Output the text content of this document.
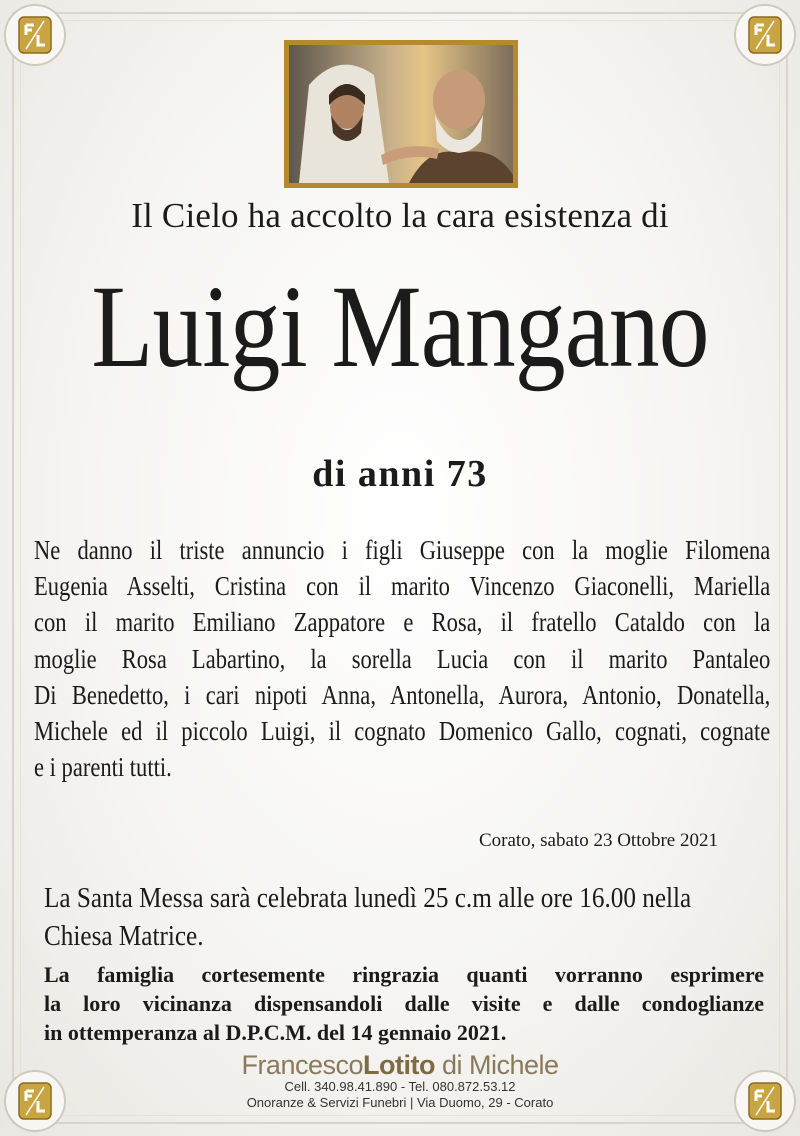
Il Cielo ha accolto la cara esistenza di
Luigi Mangano
di anni 73
Ne danno il triste annuncio i figli Giuseppe con la moglie Filomena
Eugenia Asselti, Cristina con il marito Vincenzo Giaconelli, Mariella
con il marito Emiliano Zappatore e Rosa, il fratello Cataldo con la
moglie Rosa Labartino, la sorella Lucia con il marito Pantaleo
Di Benedetto, i cari nipoti Anna, Antonella, Aurora, Antonio, Donatella,
Michele ed il piccolo Luigi, il cognato Domenico Gallo, cognati, cognate
e i parenti tutti.
Corato, sabato 23 Ottobre 2021
La Santa Messa sarà celebrata lunedì 25 c.m alle ore 16.00 nella
Chiesa Matrice.
La famiglia cortesemente ringrazia quanti vorranno esprimere
la loro vicinanza dispensandoli dalle visite e dalle condoglianze
in ottemperanza al D.P.C.M. del 14 gennaio 2021.
FrancescoLotito di Michele
Cell. 340.98.41.890 - Tel. 080.872.53.12
Onoranze & Servizi Funebri | Via Duomo, 29 - Corato
